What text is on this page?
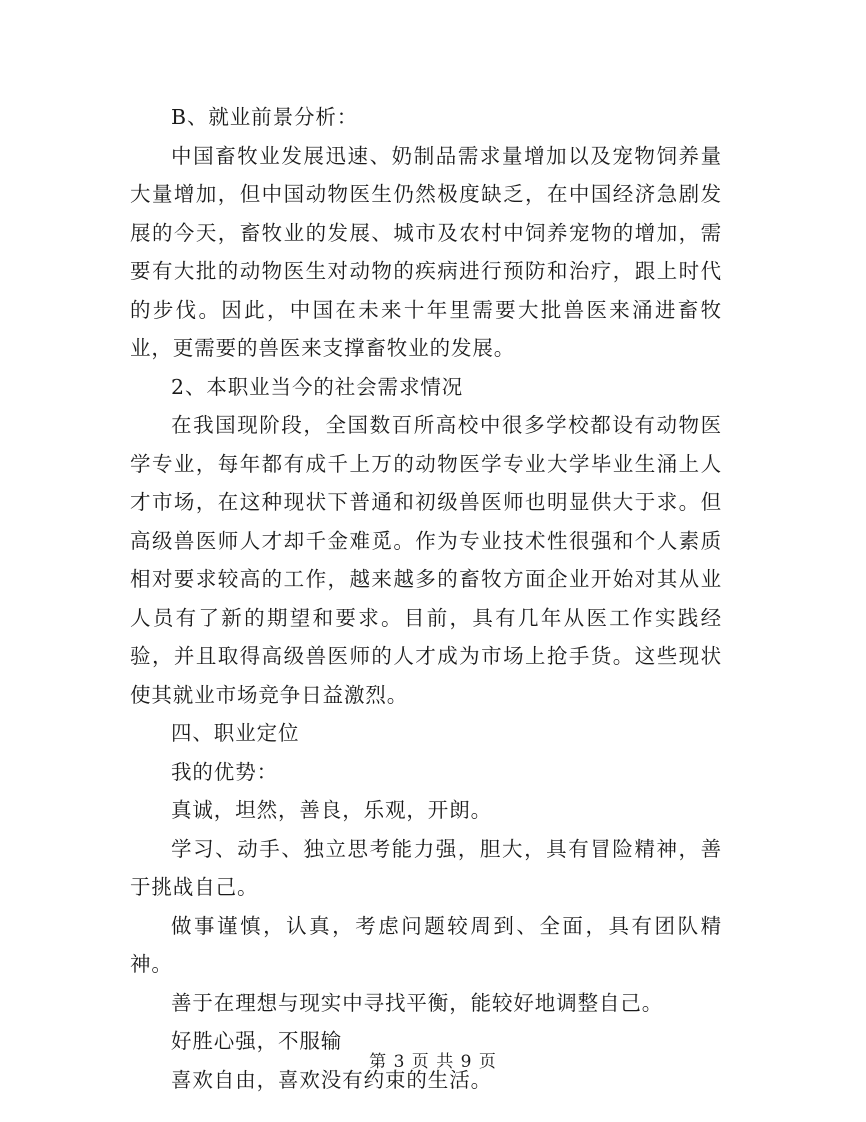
B、就业前景分析：

中国畜牧业发展迅速、奶制品需求量增加以及宠物饲养量大量增加，但中国动物医生仍然极度缺乏，在中国经济急剧发展的今天，畜牧业的发展、城市及农村中饲养宠物的增加，需要有大批的动物医生对动物的疾病进行预防和治疗，跟上时代的步伐。因此，中国在未来十年里需要大批兽医来涌进畜牧业，更需要的兽医来支撑畜牧业的发展。

2、本职业当今的社会需求情况

在我国现阶段，全国数百所高校中很多学校都设有动物医学专业，每年都有成千上万的动物医学专业大学毕业生涌上人才市场，在这种现状下普通和初级兽医师也明显供大于求。但高级兽医师人才却千金难觅。作为专业技术性很强和个人素质相对要求较高的工作，越来越多的畜牧方面企业开始对其从业人员有了新的期望和要求。目前，具有几年从医工作实践经验，并且取得高级兽医师的人才成为市场上抢手货。这些现状使其就业市场竞争日益激烈。

四、职业定位

我的优势：

真诚，坦然，善良，乐观，开朗。

学习、动手、独立思考能力强，胆大，具有冒险精神，善于挑战自己。

做事谨慎，认真，考虑问题较周到、全面，具有团队精神。

善于在理想与现实中寻找平衡，能较好地调整自己。

好胜心强，不服输

喜欢自由，喜欢没有约束的生活。

第 3 页 共 9 页
